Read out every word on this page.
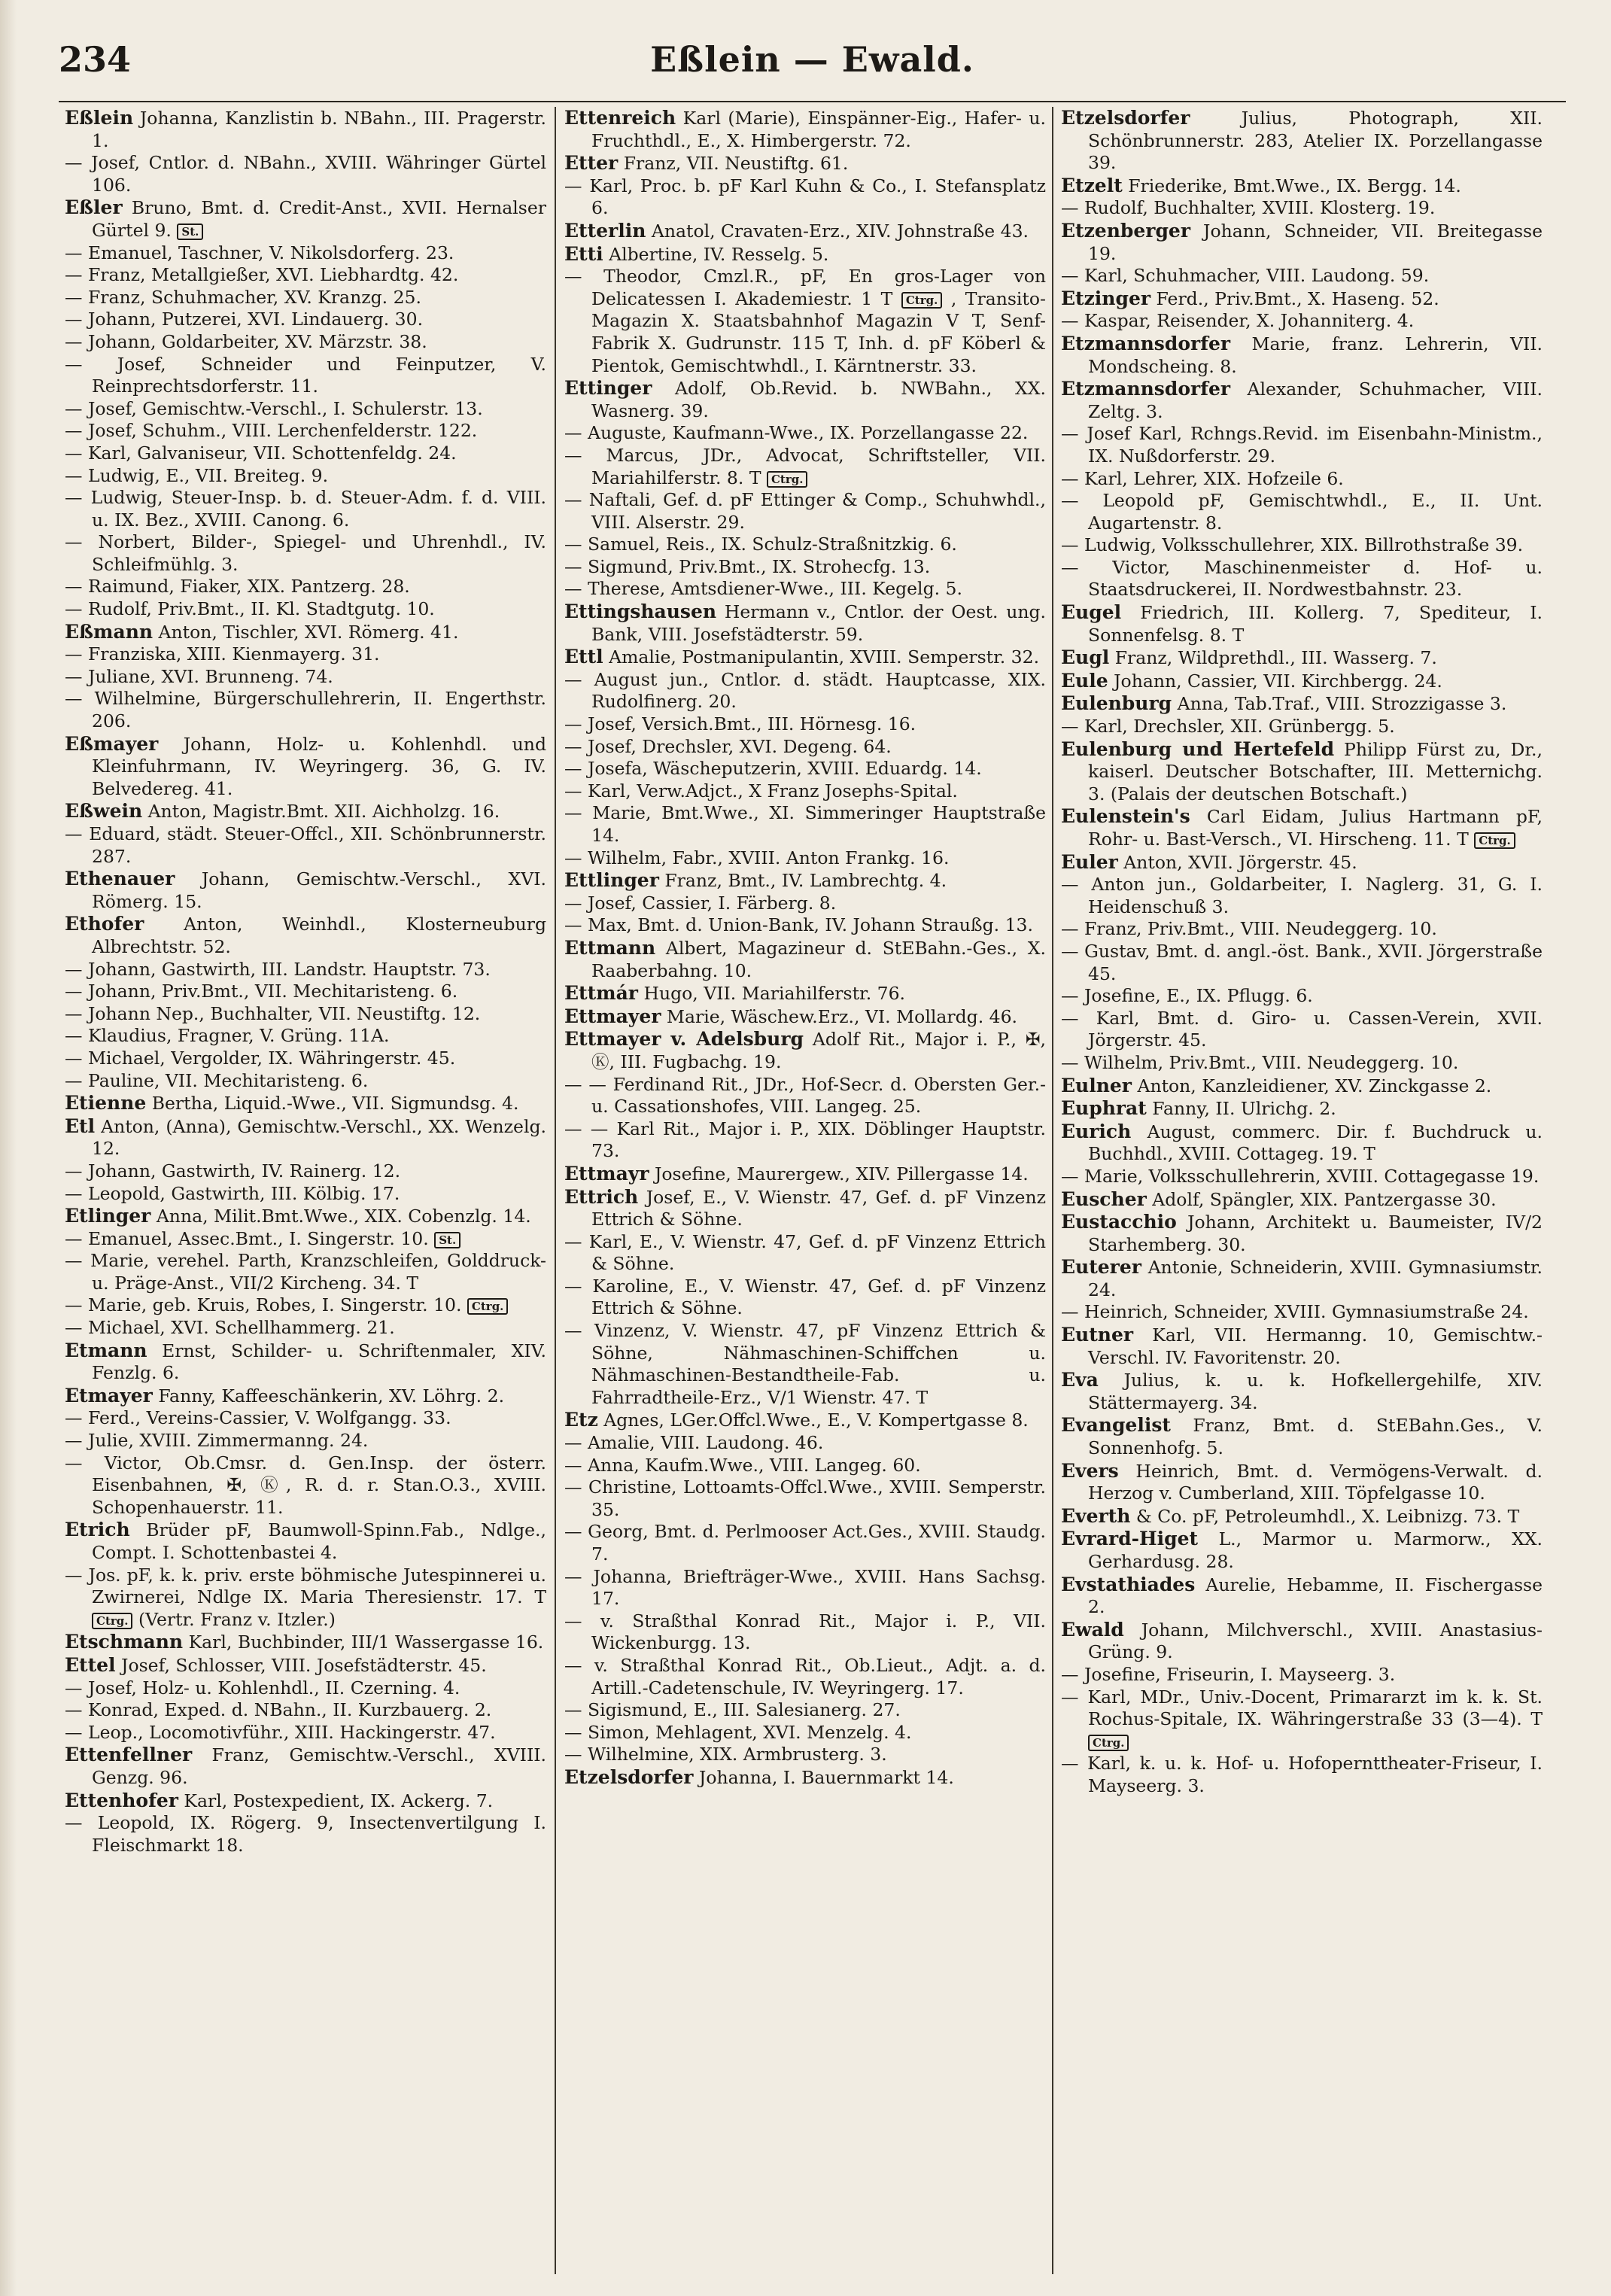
234	Eßlein — Ewald.

Eßlein Johanna, Kanzlistin b. NBahn., III. Pragerstr. 1.

— Josef, Cntlor. d. NBahn., XVIII. Währinger Gürtel 106.

Eßler Bruno, Bmt. d. Credit-Anst., XVII. Hernalser Gürtel 9. St.

— Emanuel, Taschner, V. Nikolsdorferg. 23.

— Franz, Metallgießer, XVI. Liebhardtg. 42.

— Franz, Schuhmacher, XV. Kranzg. 25.

— Johann, Putzerei, XVI. Lindauerg. 30.

— Johann, Goldarbeiter, XV. Märzstr. 38.

— Josef, Schneider und Feinputzer, V. Reinprechtsdorferstr. 11.

— Josef, Gemischtw.-Verschl., I. Schulerstr. 13.

— Josef, Schuhm., VIII. Lerchenfelderstr. 122.

— Karl, Galvaniseur, VII. Schottenfeldg. 24.

— Ludwig, E., VII. Breiteg. 9.

— Ludwig, Steuer-Insp. b. d. Steuer-Adm. f. d. VIII. u. IX. Bez., XVIII. Canong. 6.

— Norbert, Bilder-, Spiegel- und Uhrenhdl., IV. Schleifmühlg. 3.

— Raimund, Fiaker, XIX. Pantzerg. 28.

— Rudolf, Priv.Bmt., II. Kl. Stadtgutg. 10.

Eßmann Anton, Tischler, XVI. Römerg. 41.

— Franziska, XIII. Kienmayerg. 31.

— Juliane, XVI. Brunneng. 74.

— Wilhelmine, Bürgerschullehrerin, II. Engerthstr. 206.

Eßmayer Johann, Holz- u. Kohlenhdl. und Kleinfuhrmann, IV. Weyringerg. 36, G. IV. Belvedereg. 41.

Eßwein Anton, Magistr.Bmt. XII. Aichholzg. 16.

— Eduard, städt. Steuer-Offcl., XII. Schönbrunnerstr. 287.

Ethenauer Johann, Gemischtw.-Verschl., XVI. Römerg. 15.

Ethofer Anton, Weinhdl., Klosterneuburg Albrechtstr. 52.

— Johann, Gastwirth, III. Landstr. Hauptstr. 73.

— Johann, Priv.Bmt., VII. Mechitaristeng. 6.

— Johann Nep., Buchhalter, VII. Neustiftg. 12.

— Klaudius, Fragner, V. Grüng. 11A.

— Michael, Vergolder, IX. Währingerstr. 45.

— Pauline, VII. Mechitaristeng. 6.

Etienne Bertha, Liquid.-Wwe., VII. Sigmundsg. 4.

Etl Anton, (Anna), Gemischtw.-Verschl., XX. Wenzelg. 12.

— Johann, Gastwirth, IV. Rainerg. 12.

— Leopold, Gastwirth, III. Kölbig. 17.

Etlinger Anna, Milit.Bmt.Wwe., XIX. Cobenzlg. 14.

— Emanuel, Assec.Bmt., I. Singerstr. 10. St.

— Marie, verehel. Parth, Kranzschleifen, Golddruck- u. Präge-Anst., VII/2 Kircheng. 34. T

— Marie, geb. Kruis, Robes, I. Singerstr. 10. Ctrg.

— Michael, XVI. Schellhammerg. 21.

Etmann Ernst, Schilder- u. Schriftenmaler, XIV. Fenzlg. 6.

Etmayer Fanny, Kaffeeschänkerin, XV. Löhrg. 2.

— Ferd., Vereins-Cassier, V. Wolfgangg. 33.

— Julie, XVIII. Zimmermanng. 24.

— Victor, Ob.Cmsr. d. Gen.Insp. der österr. Eisenbahnen, ✠, Ⓚ, R. d. r. Stan.O.3., XVIII. Schopenhauerstr. 11.

Etrich Brüder pF, Baumwoll-Spinn.Fab., Ndlge., Compt. I. Schottenbastei 4.

— Jos. pF, k. k. priv. erste böhmische Jutespinnerei u. Zwirnerei, Ndlge IX. Maria Theresienstr. 17. T Ctrg. (Vertr. Franz v. Itzler.)

Etschmann Karl, Buchbinder, III/1 Wassergasse 16.

Ettel Josef, Schlosser, VIII. Josefstädterstr. 45.

— Josef, Holz- u. Kohlenhdl., II. Czerning. 4.

— Konrad, Exped. d. NBahn., II. Kurzbauerg. 2.

— Leop., Locomotivführ., XIII. Hackingerstr. 47.

Ettenfellner Franz, Gemischtw.-Verschl., XVIII. Genzg. 96.

Ettenhofer Karl, Postexpedient, IX. Ackerg. 7.

— Leopold, IX. Rögerg. 9, Insectenvertilgung I. Fleischmarkt 18.

Ettenreich Karl (Marie), Einspänner-Eig., Hafer- u. Fruchthdl., E., X. Himbergerstr. 72.

Etter Franz, VII. Neustiftg. 61.

— Karl, Proc. b. pF Karl Kuhn & Co., I. Stefansplatz 6.

Etterlin Anatol, Cravaten-Erz., XIV. Johnstraße 43.

Etti Albertine, IV. Resselg. 5.

— Theodor, Cmzl.R., pF, En gros-Lager von Delicatessen I. Akademiestr. 1 T Ctrg. , Transito-Magazin X. Staatsbahnhof Magazin V T, Senf-Fabrik X. Gudrunstr. 115 T, Inh. d. pF Köberl & Pientok, Gemischtwhdl., I. Kärntnerstr. 33.

Ettinger Adolf, Ob.Revid. b. NWBahn., XX. Wasnerg. 39.

— Auguste, Kaufmann-Wwe., IX. Porzellangasse 22.

— Marcus, JDr., Advocat, Schriftsteller, VII. Mariahilferstr. 8. T Ctrg.

— Naftali, Gef. d. pF Ettinger & Comp., Schuhwhdl., VIII. Alserstr. 29.

— Samuel, Reis., IX. Schulz-Straßnitzkig. 6.

— Sigmund, Priv.Bmt., IX. Strohecfg. 13.

— Therese, Amtsdiener-Wwe., III. Kegelg. 5.

Ettingshausen Hermann v., Cntlor. der Oest. ung. Bank, VIII. Josefstädterstr. 59.

Ettl Amalie, Postmanipulantin, XVIII. Semperstr. 32.

— August jun., Cntlor. d. städt. Hauptcasse, XIX. Rudolfinerg. 20.

— Josef, Versich.Bmt., III. Hörnesg. 16.

— Josef, Drechsler, XVI. Degeng. 64.

— Josefa, Wäscheputzerin, XVIII. Eduardg. 14.

— Karl, Verw.Adjct., X Franz Josephs-Spital.

— Marie, Bmt.Wwe., XI. Simmeringer Hauptstraße 14.

— Wilhelm, Fabr., XVIII. Anton Frankg. 16.

Ettlinger Franz, Bmt., IV. Lambrechtg. 4.

— Josef, Cassier, I. Färberg. 8.

— Max, Bmt. d. Union-Bank, IV. Johann Straußg. 13.

Ettmann Albert, Magazineur d. StEBahn.-Ges., X. Raaberbahng. 10.

Ettmár Hugo, VII. Mariahilferstr. 76.

Ettmayer Marie, Wäschew.Erz., VI. Mollardg. 46.

Ettmayer v. Adelsburg Adolf Rit., Major i. P., ✠, Ⓚ, III. Fugbachg. 19.

— — Ferdinand Rit., JDr., Hof-Secr. d. Obersten Ger.- u. Cassationshofes, VIII. Langeg. 25.

— — Karl Rit., Major i. P., XIX. Döblinger Hauptstr. 73.

Ettmayr Josefine, Maurergew., XIV. Pillergasse 14.

Ettrich Josef, E., V. Wienstr. 47, Gef. d. pF Vinzenz Ettrich & Söhne.

— Karl, E., V. Wienstr. 47, Gef. d. pF Vinzenz Ettrich & Söhne.

— Karoline, E., V. Wienstr. 47, Gef. d. pF Vinzenz Ettrich & Söhne.

— Vinzenz, V. Wienstr. 47, pF Vinzenz Ettrich & Söhne, Nähmaschinen-Schiffchen u. Nähmaschinen-Bestandtheile-Fab. u. Fahrradtheile-Erz., V/1 Wienstr. 47. T

Etz Agnes, LGer.Offcl.Wwe., E., V. Kompertgasse 8.

— Amalie, VIII. Laudong. 46.

— Anna, Kaufm.Wwe., VIII. Langeg. 60.

— Christine, Lottoamts-Offcl.Wwe., XVIII. Semperstr. 35.

— Georg, Bmt. d. Perlmooser Act.Ges., XVIII. Staudg. 7.

— Johanna, Briefträger-Wwe., XVIII. Hans Sachsg. 17.

— v. Straßthal Konrad Rit., Major i. P., VII. Wickenburgg. 13.

— v. Straßthal Konrad Rit., Ob.Lieut., Adjt. a. d. Artill.-Cadetenschule, IV. Weyringerg. 17.

— Sigismund, E., III. Salesianerg. 27.

— Simon, Mehlagent, XVI. Menzelg. 4.

— Wilhelmine, XIX. Armbrusterg. 3.

Etzelsdorfer Johanna, I. Bauernmarkt 14.

Etzelsdorfer	Julius, Photograph, XII. Schönbrunnerstr. 283, Atelier IX. Porzellangasse 39.

Etzelt Friederike, Bmt.Wwe., IX. Bergg. 14.

— Rudolf, Buchhalter, XVIII. Klosterg. 19.

Etzenberger Johann, Schneider, VII. Breitegasse 19.

— Karl, Schuhmacher, VIII. Laudong. 59.

Etzinger Ferd., Priv.Bmt., X. Haseng. 52.

— Kaspar, Reisender, X. Johanniterg. 4.

Etzmannsdorfer Marie, franz. Lehrerin, VII. Mondscheing. 8.

Etzmannsdorfer Alexander, Schuhmacher, VIII. Zeltg. 3.

— Josef Karl, Rchngs.Revid. im Eisenbahn-Ministm., IX. Nußdorferstr. 29.

— Karl, Lehrer, XIX. Hofzeile 6.

— Leopold pF, Gemischtwhdl., E., II. Unt. Augartenstr. 8.

— Ludwig, Volksschullehrer, XIX. Billrothstraße 39.

— Victor, Maschinenmeister d. Hof- u. Staatsdruckerei, II. Nordwestbahnstr. 23.

Eugel Friedrich, III. Kollerg. 7, Spediteur, I. Sonnenfelsg. 8. T

Eugl Franz, Wildprethdl., III. Wasserg. 7.

Eule Johann, Cassier, VII. Kirchbergg. 24.

Eulenburg Anna, Tab.Traf., VIII. Strozzigasse 3.

— Karl, Drechsler, XII. Grünbergg. 5.

Eulenburg und Hertefeld Philipp Fürst zu, Dr., kaiserl. Deutscher Botschafter, III. Metternichg. 3. (Palais der deutschen Botschaft.)

Eulenstein's Carl Eidam, Julius Hartmann pF, Rohr- u. Bast-Versch., VI. Hirscheng. 11. T Ctrg.

Euler Anton, XVII. Jörgerstr. 45.

— Anton jun., Goldarbeiter, I. Naglerg. 31, G. I. Heidenschuß 3.

— Franz, Priv.Bmt., VIII. Neudeggerg. 10.

— Gustav, Bmt. d. angl.-öst. Bank., XVII. Jörgerstraße 45.

— Josefine, E., IX. Pflugg. 6.

— Karl, Bmt. d. Giro- u. Cassen-Verein, XVII. Jörgerstr. 45.

— Wilhelm, Priv.Bmt., VIII. Neudeggerg. 10.

Eulner Anton, Kanzleidiener, XV. Zinckgasse 2.

Euphrat Fanny, II. Ulrichg. 2.

Eurich August, commerc. Dir. f. Buchdruck u. Buchhdl., XVIII. Cottageg. 19. T

— Marie, Volksschullehrerin, XVIII. Cottagegasse 19.

Euscher Adolf, Spängler, XIX. Pantzergasse 30.

Eustacchio Johann, Architekt u. Baumeister, IV/2 Starhemberg. 30.

Euterer Antonie, Schneiderin, XVIII. Gymnasiumstr. 24.

— Heinrich, Schneider, XVIII. Gymnasiumstraße 24.

Eutner Karl, VII. Hermanng. 10, Gemischtw.-Verschl. IV. Favoritenstr. 20.

Eva Julius, k. u. k. Hofkellergehilfe, XIV. Stättermayerg. 34.

Evangelist Franz, Bmt. d. StEBahn.Ges., V. Sonnenhofg. 5.

Evers Heinrich, Bmt. d. Vermögens-Verwalt. d. Herzog v. Cumberland, XIII. Töpfelgasse 10.

Everth & Co. pF, Petroleumhdl., X. Leibnizg. 73. T

Evrard-Higet L., Marmor u. Marmorw., XX. Gerhardusg. 28.

Evstathiades Aurelie, Hebamme, II. Fischergasse 2.

Ewald Johann, Milchverschl., XVIII. Anastasius-Grüng. 9.

— Josefine, Friseurin, I. Mayseerg. 3.

— Karl, MDr., Univ.-Docent, Primararzt im k. k. St. Rochus-Spitale, IX. Währingerstraße 33 (3—4). T Ctrg.

— Karl, k. u. k. Hof- u. Hofopernttheater-Friseur, I. Mayseerg. 3.
